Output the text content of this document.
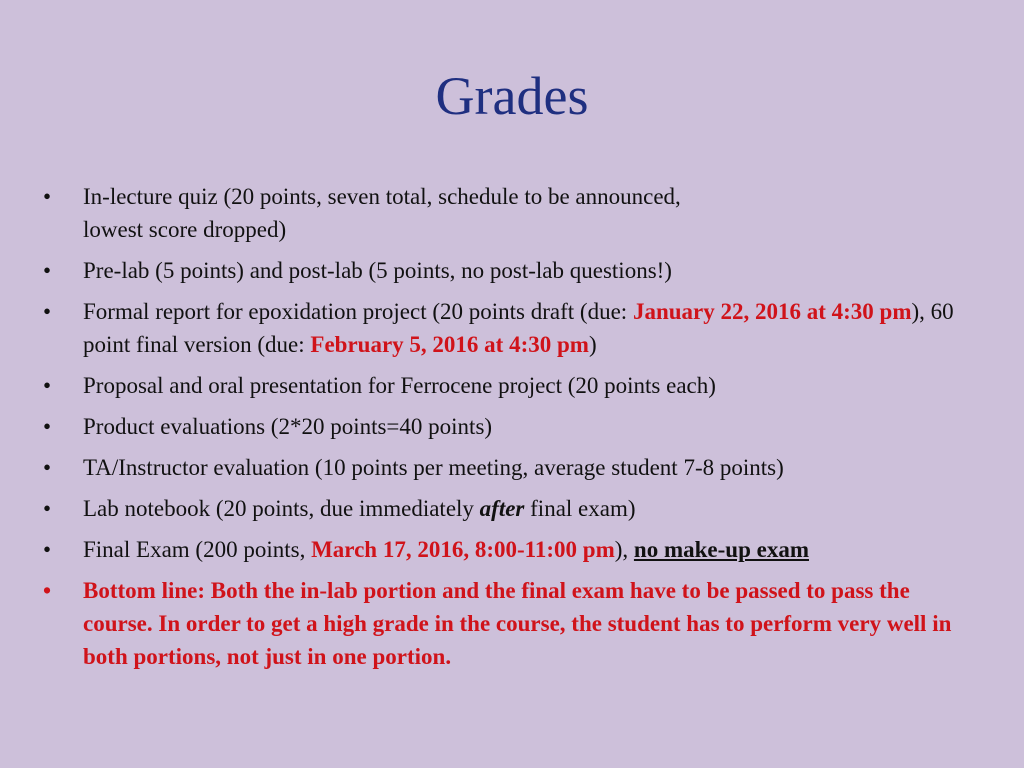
Grades
• In-lecture quiz (20 points, seven total, schedule to be announced,
lowest score dropped)
• Pre-lab (5 points) and post-lab (5 points, no post-lab questions!)
• Formal report for epoxidation project (20 points draft (due: January 22, 2016 at 4:30 pm), 60 point final version (due: February 5, 2016 at 4:30 pm)
• Proposal and oral presentation for Ferrocene project (20 points each)
• Product evaluations (2*20 points=40 points)
• TA/Instructor evaluation (10 points per meeting, average student 7-8 points)
• Lab notebook (20 points, due immediately after final exam)
• Final Exam (200 points, March 17, 2016, 8:00-11:00 pm), no make-up exam
• Bottom line: Both the in-lab portion and the final exam have to be passed to pass the course. In order to get a high grade in the course, the student has to perform very well in both portions, not just in one portion.
